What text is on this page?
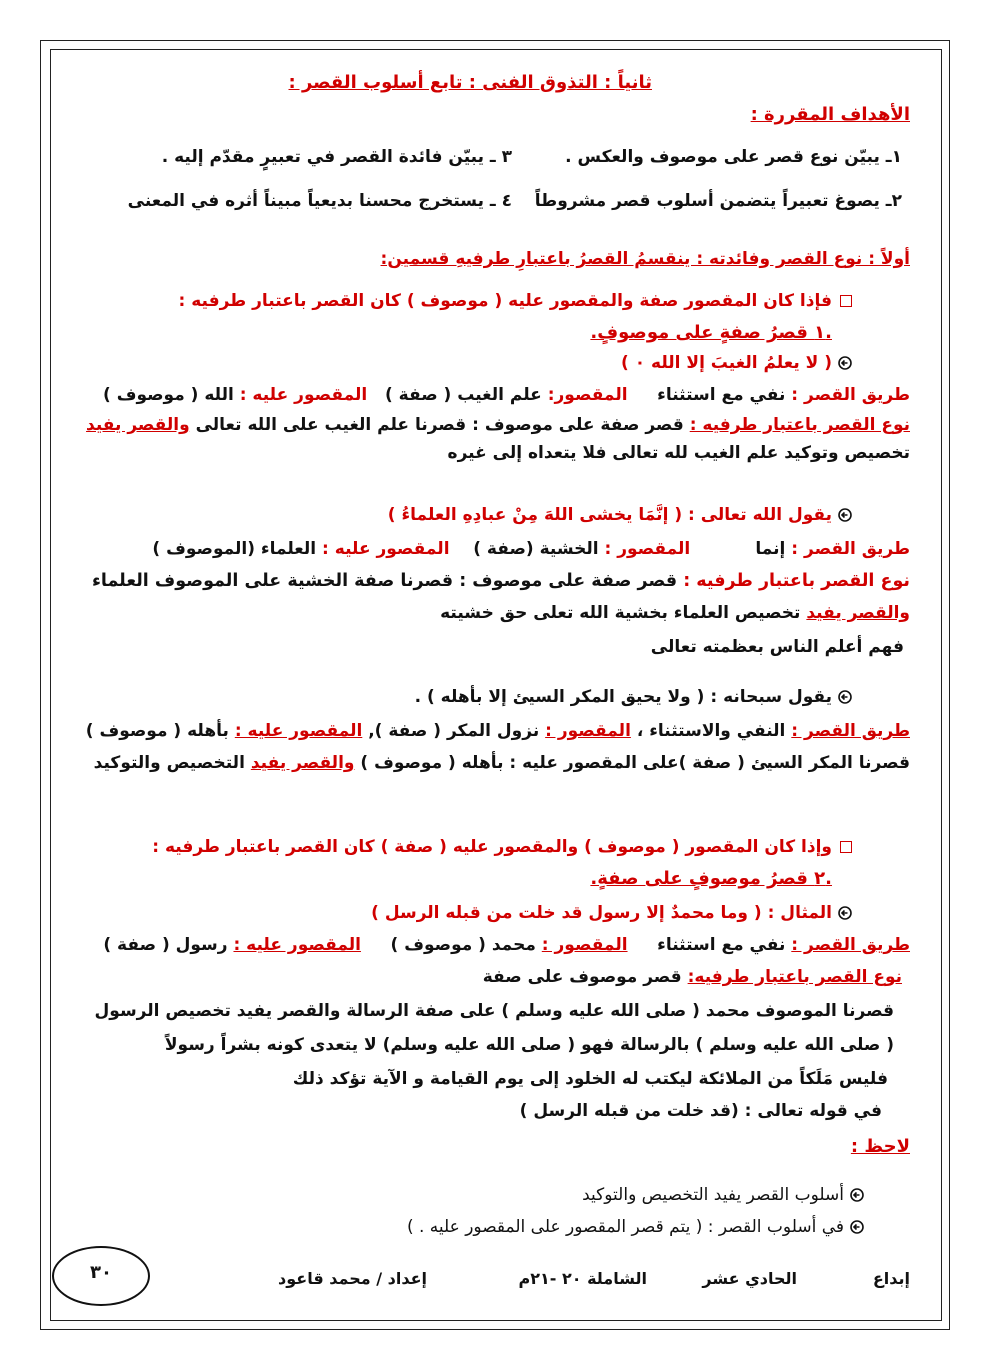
ثانياً : التذوق الفنى : تابع أسلوب القصر :
الأهداف المقررة :
١ـ يبيّن نوع قصر على موصوف والعكس .
٣ ـ يبيّن فائدة القصر في تعبيرٍ مقدّم إليه .
٢ـ يصوغ تعبيراً يتضمن أسلوب قصر مشروطاً
٤ ـ يستخرج محسنا بديعياً مبيناً أثره في المعنى
أولاً : نوع القصر وفائدته : ينقسمُ القصرُ باعتبارِ طرفيهِ قسمين:
فإذا كان المقصور صفة والمقصور عليه ( موصوف ) كان القصر باعتبار طرفيه :
.١ قصرُ صفةٍ على موصوفٍ.
( لا يعلمُ الغيبَ إلا الله ٠ )
طريق القصر : نفي مع استثناء     المقصور: علم الغيب ( صفة )   المقصور عليه : الله ( موصوف )
نوع القصر باعتبار طرفيه : قصر صفة على موصوف : قصرنا علم الغيب على الله تعالى والقصر يفيد
تخصيص وتوكيد علم الغيب لله تعالى فلا يتعداه إلى غيره
يقول الله تعالى : ( إنَّمَا يخشى اللهَ مِنْ عبادِهِ العلماءُ )
طريق القصر : إنما           المقصور : الخشية (صفة )    المقصور عليه : العلماء (الموصوف )
نوع القصر باعتبار طرفيه : قصر صفة على موصوف : قصرنا صفة الخشية على الموصوف العلماء
والقصر يفيد تخصيص العلماء بخشية الله تعلى حق خشيته
فهم أعلم الناس بعظمته تعالى
يقول سبحانه : ( ولا يحيق المكر السيئ إلا بأهله ) .
طريق القصر : النفي والاستثناء ، المقصور : نزول المكر ( صفة ), المقصور عليه : بأهله ( موصوف )
قصرنا المكر السيئ ( صفة )على المقصور عليه : بأهله ( موصوف ) والقصر يفيد التخصيص والتوكيد
وإذا كان المقصور ( موصوف ) والمقصور عليه ( صفة ) كان القصر باعتبار طرفيه :
.٢ قصرُ موصوفٍ على صفةٍ.
المثال : ( وما محمدٌ إلا رسول قد خلت من قبله الرسل )
طريق القصر : نفي مع استثناء     المقصور : محمد ( موصوف )     المقصور عليه : رسول ( صفة )
نوع القصر باعتبار طرفيه: قصر موصوف على صفة
قصرنا الموصوف محمد ( صلى الله عليه وسلم ) على صفة الرسالة والقصر يفيد تخصيص الرسول
( صلى الله عليه وسلم ) بالرسالة فهو ( صلى الله عليه وسلم) لا يتعدى كونه بشراً رسولاً
فليس مَلَكاً من الملائكة ليكتب له الخلود إلى يوم القيامة و الآية تؤكد ذلك
في قوله تعالى : (قد خلت من قبله الرسل )
لاحظ :
أسلوب القصر يفيد التخصيص والتوكيد
في أسلوب القصر : ( يتم قصر المقصور على المقصور عليه . )
إبداع
الحادي عشر
الشاملة ٢٠ -٢١م
إعداد / محمد قاعود
٣٠
